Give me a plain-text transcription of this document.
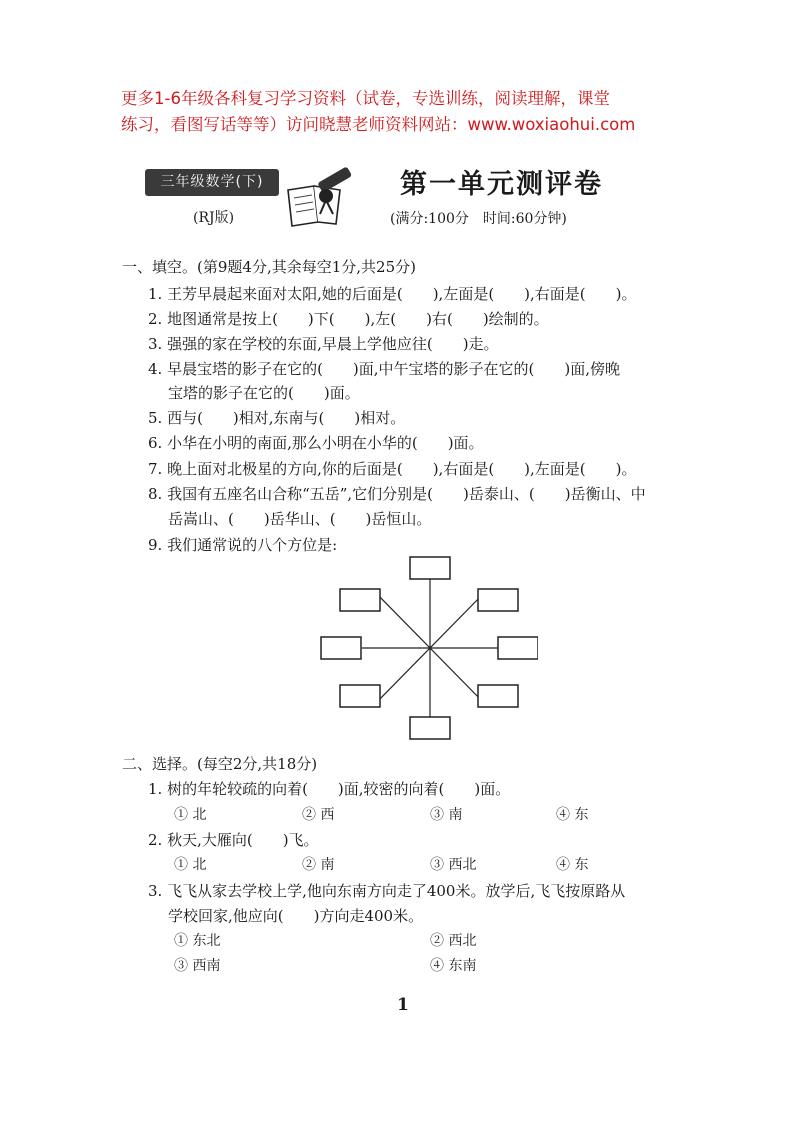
更多1-6年级各科复习学习资料（试卷，专选训练，阅读理解，课堂
练习，看图写话等等）访问晓慧老师资料网站：www.woxiaohui.com
三年级数学(下)
(RJ版)
第一单元测评卷
(满分:100分　时间:60分钟)
一、填空。(第9题4分,其余每空1分,共25分)
1. 王芳早晨起来面对太阳,她的后面是(　　),左面是(　　),右面是(　　)。
2. 地图通常是按上(　　)下(　　),左(　　)右(　　)绘制的。
3. 强强的家在学校的东面,早晨上学他应往(　　)走。
4. 早晨宝塔的影子在它的(　　)面,中午宝塔的影子在它的(　　)面,傍晚
宝塔的影子在它的(　　)面。
5. 西与(　　)相对,东南与(　　)相对。
6. 小华在小明的南面,那么小明在小华的(　　)面。
7. 晚上面对北极星的方向,你的后面是(　　),右面是(　　),左面是(　　)。
8. 我国有五座名山合称“五岳”,它们分别是(　　)岳泰山、(　　)岳衡山、中
岳嵩山、(　　)岳华山、(　　)岳恒山。
9. 我们通常说的八个方位是:
二、选择。(每空2分,共18分)
1. 树的年轮较疏的向着(　　)面,较密的向着(　　)面。
① 北	② 西	③ 南	④ 东
2. 秋天,大雁向(　　)飞。
① 北	② 南	③ 西北	④ 东
3. 飞飞从家去学校上学,他向东南方向走了400米。放学后,飞飞按原路从
学校回家,他应向(　　)方向走400米。
① 东北	② 西北
③ 西南	④ 东南
1
